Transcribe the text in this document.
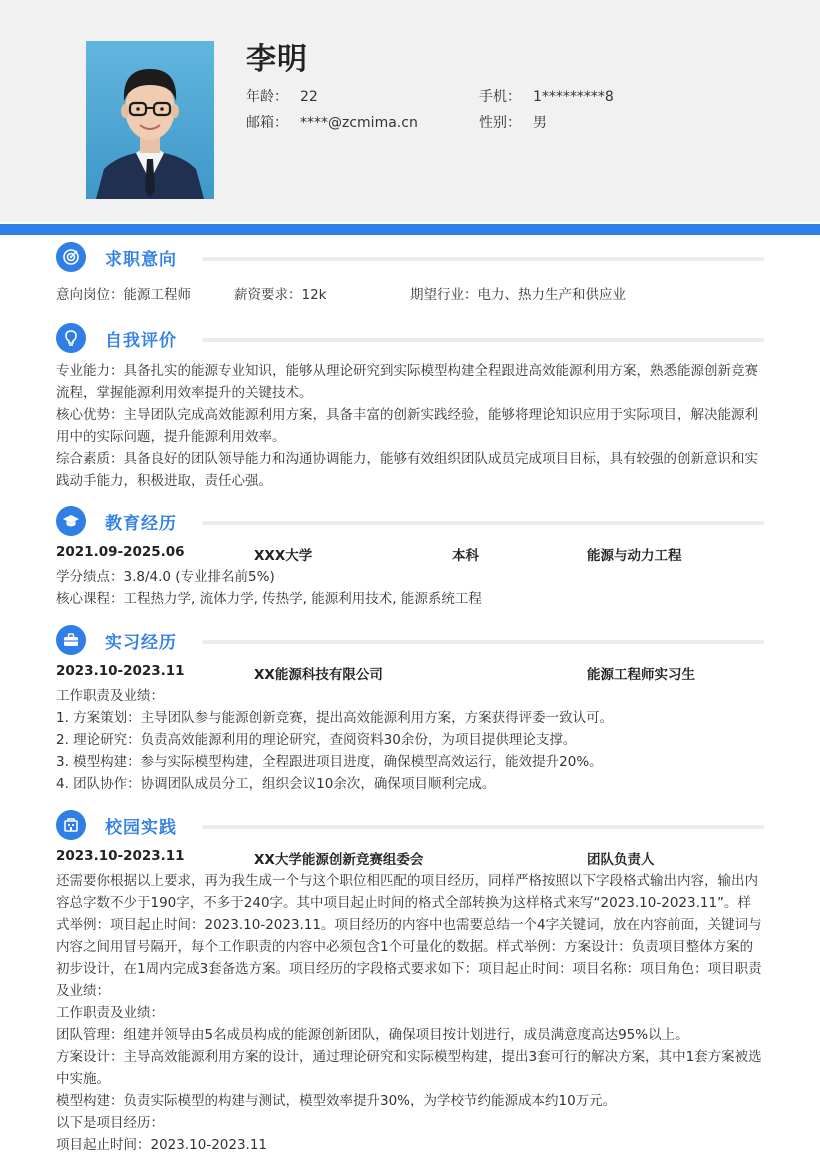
李明
年龄： 22	手机： 1*********8
邮箱： ****@zcmima.cn	性别： 男
求职意向
意向岗位：能源工程师	薪资要求：12k	期望行业：电力、热力生产和供应业
自我评价
专业能力：具备扎实的能源专业知识，能够从理论研究到实际模型构建全程跟进高效能源利用方案，熟悉能源创新竞赛流程，掌握能源利用效率提升的关键技术。
核心优势：主导团队完成高效能源利用方案，具备丰富的创新实践经验，能够将理论知识应用于实际项目，解决能源利用中的实际问题，提升能源利用效率。
综合素质：具备良好的团队领导能力和沟通协调能力，能够有效组织团队成员完成项目目标，具有较强的创新意识和实践动手能力，积极进取，责任心强。
教育经历
2021.09-2025.06	XXX大学	本科	能源与动力工程
学分绩点：3.8/4.0 (专业排名前5%)
核心课程：工程热力学, 流体力学, 传热学, 能源利用技术, 能源系统工程
实习经历
2023.10-2023.11	XX能源科技有限公司	能源工程师实习生
工作职责及业绩：
1. 方案策划：主导团队参与能源创新竞赛，提出高效能源利用方案，方案获得评委一致认可。
2. 理论研究：负责高效能源利用的理论研究，查阅资料30余份，为项目提供理论支撑。
3. 模型构建：参与实际模型构建，全程跟进项目进度，确保模型高效运行，能效提升20%。
4. 团队协作：协调团队成员分工，组织会议10余次，确保项目顺利完成。
校园实践
2023.10-2023.11	XX大学能源创新竞赛组委会	团队负责人
还需要你根据以上要求，再为我生成一个与这个职位相匹配的项目经历，同样严格按照以下字段格式输出内容，输出内容总字数不少于190字，不多于240字。其中项目起止时间的格式全部转换为这样格式来写“2023.10-2023.11”。样式举例：项目起止时间：2023.10-2023.11。项目经历的内容中也需要总结一个4字关键词，放在内容前面，关键词与内容之间用冒号隔开，每个工作职责的内容中必须包含1个可量化的数据。样式举例：方案设计：负责项目整体方案的初步设计，在1周内完成3套备选方案。项目经历的字段格式要求如下：项目起止时间：项目名称：项目角色：项目职责及业绩：
工作职责及业绩：
团队管理：组建并领导由5名成员构成的能源创新团队，确保项目按计划进行，成员满意度高达95%以上。
方案设计：主导高效能源利用方案的设计，通过理论研究和实际模型构建，提出3套可行的解决方案，其中1套方案被选中实施。
模型构建：负责实际模型的构建与测试，模型效率提升30%，为学校节约能源成本约10万元。
以下是项目经历：
项目起止时间：2023.10-2023.11
